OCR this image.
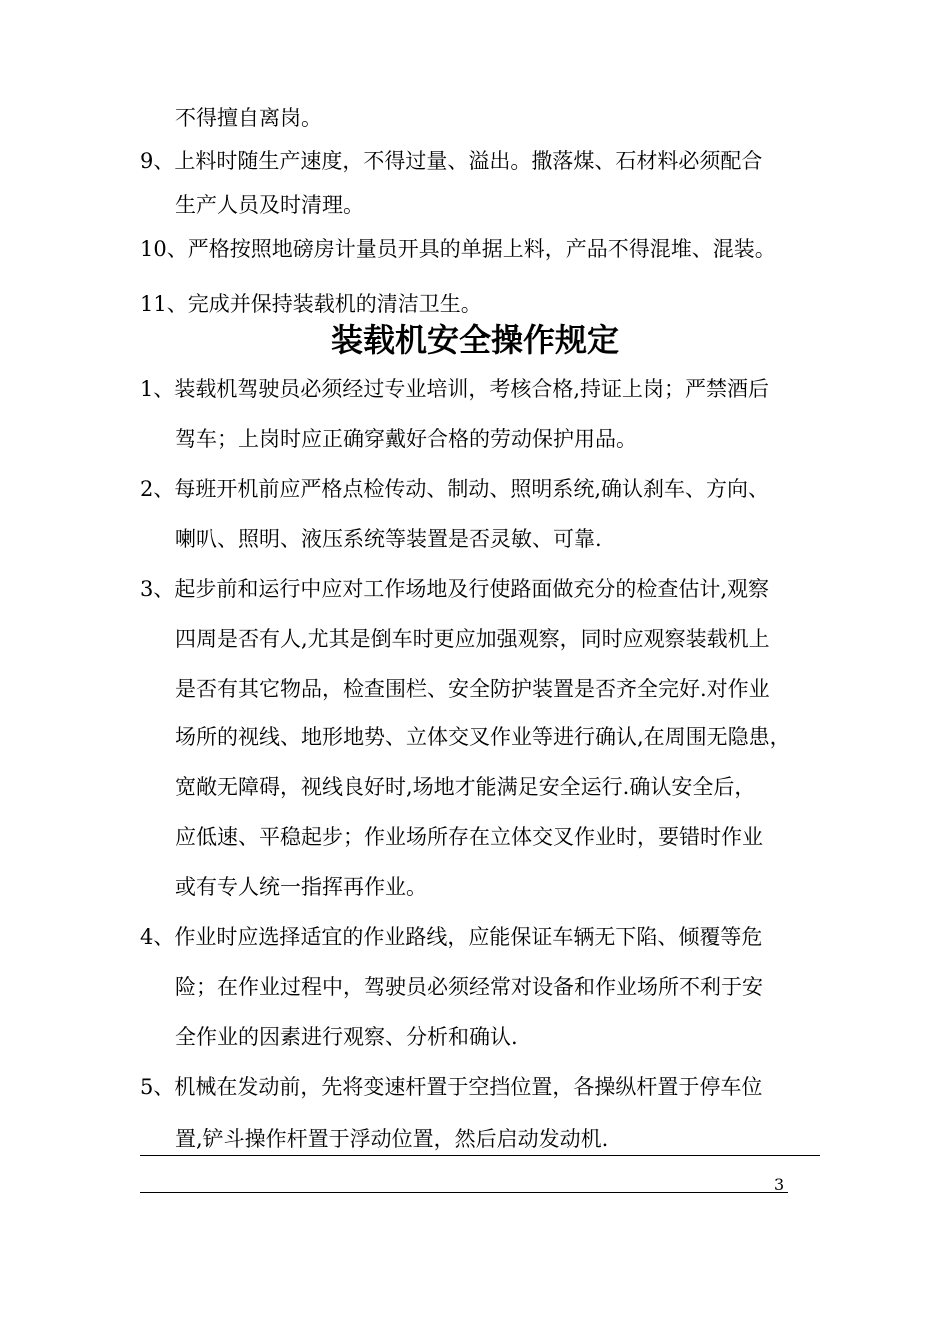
不得擅自离岗。
9、上料时随生产速度，不得过量、溢出。撒落煤、石材料必须配合
生产人员及时清理。
10、严格按照地磅房计量员开具的单据上料，产品不得混堆、混装。
11、完成并保持装载机的清洁卫生。
装载机安全操作规定
1、装载机驾驶员必须经过专业培训，考核合格,持证上岗；严禁酒后
驾车；上岗时应正确穿戴好合格的劳动保护用品。
2、每班开机前应严格点检传动、制动、照明系统,确认刹车、方向、
喇叭、照明、液压系统等装置是否灵敏、可靠.
3、起步前和运行中应对工作场地及行使路面做充分的检查估计,观察
四周是否有人,尤其是倒车时更应加强观察，同时应观察装载机上
是否有其它物品，检查围栏、安全防护装置是否齐全完好.对作业
场所的视线、地形地势、立体交叉作业等进行确认,在周围无隐患，
宽敞无障碍，视线良好时,场地才能满足安全运行.确认安全后，
应低速、平稳起步；作业场所存在立体交叉作业时，要错时作业
或有专人统一指挥再作业。
4、作业时应选择适宜的作业路线，应能保证车辆无下陷、倾覆等危
险；在作业过程中，驾驶员必须经常对设备和作业场所不利于安
全作业的因素进行观察、分析和确认.
5、机械在发动前，先将变速杆置于空挡位置，各操纵杆置于停车位
置,铲斗操作杆置于浮动位置，然后启动发动机.
3
